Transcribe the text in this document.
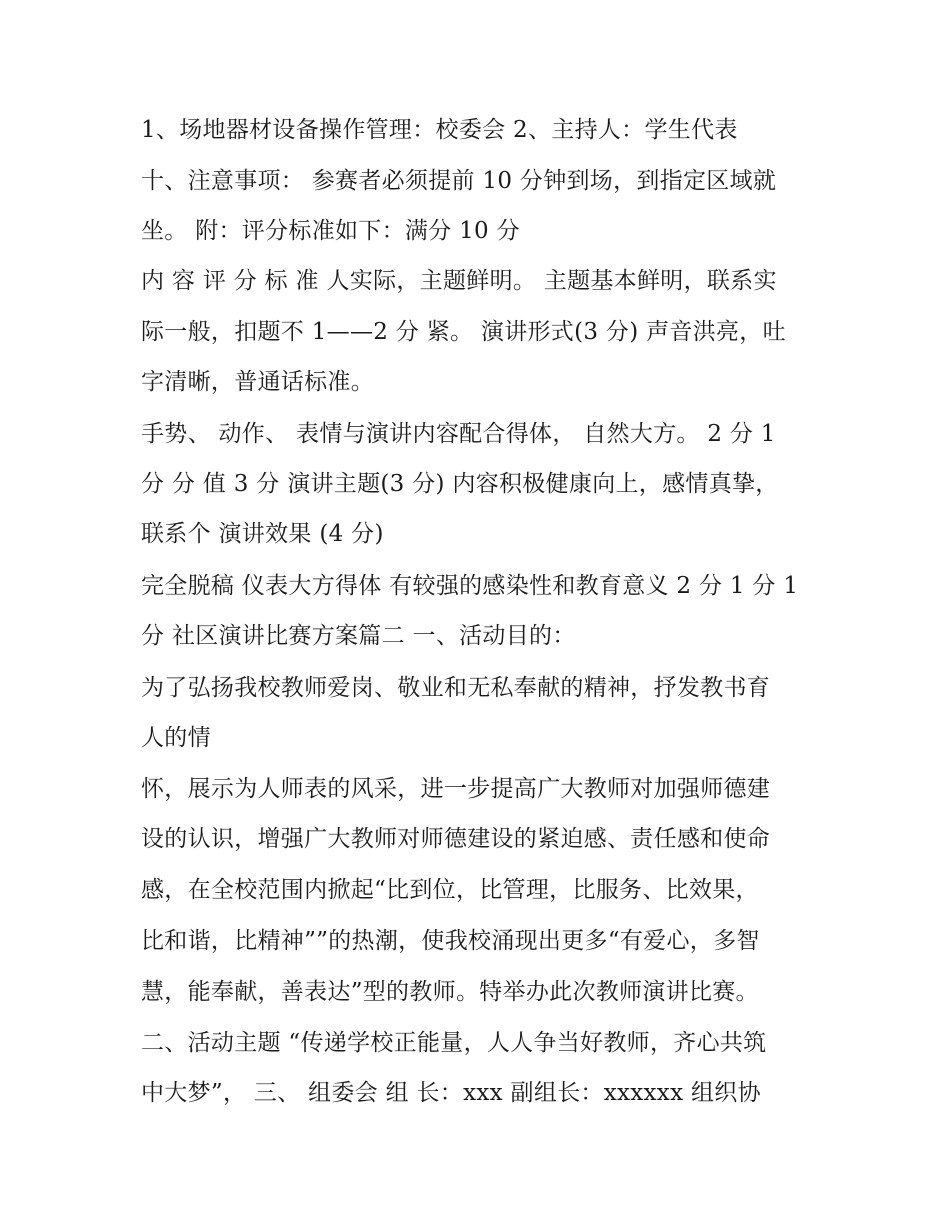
1、场地器材设备操作管理：校委会 2、主持人：学生代表
十、注意事项： 参赛者必须提前 10 分钟到场，到指定区域就
坐。 附：评分标准如下：满分 10 分
内 容 评 分 标 准 人实际，主题鲜明。 主题基本鲜明，联系实
际一般，扣题不 1——2 分 紧。 演讲形式(3 分) 声音洪亮，吐
字清晰，普通话标准。
手势、 动作、 表情与演讲内容配合得体， 自然大方。 2 分 1
分 分 值 3 分 演讲主题(3 分) 内容积极健康向上，感情真挚，
联系个 演讲效果 (4 分)
完全脱稿 仪表大方得体 有较强的感染性和教育意义 2 分 1 分 1
分 社区演讲比赛方案篇二 一、活动目的：
为了弘扬我校教师爱岗、敬业和无私奉献的精神，抒发教书育
人的情
怀，展示为人师表的风采，进一步提高广大教师对加强师德建
设的认识，增强广大教师对师德建设的紧迫感、责任感和使命
感，在全校范围内掀起“比到位，比管理，比服务、比效果，
比和谐，比精神””的热潮，使我校涌现出更多“有爱心，多智
慧，能奉献，善表达”型的教师。特举办此次教师演讲比赛。
二、活动主题 “传递学校正能量，人人争当好教师，齐心共筑
中大梦”， 三、 组委会 组 长：xxx 副组长：xxxxxx 组织协
